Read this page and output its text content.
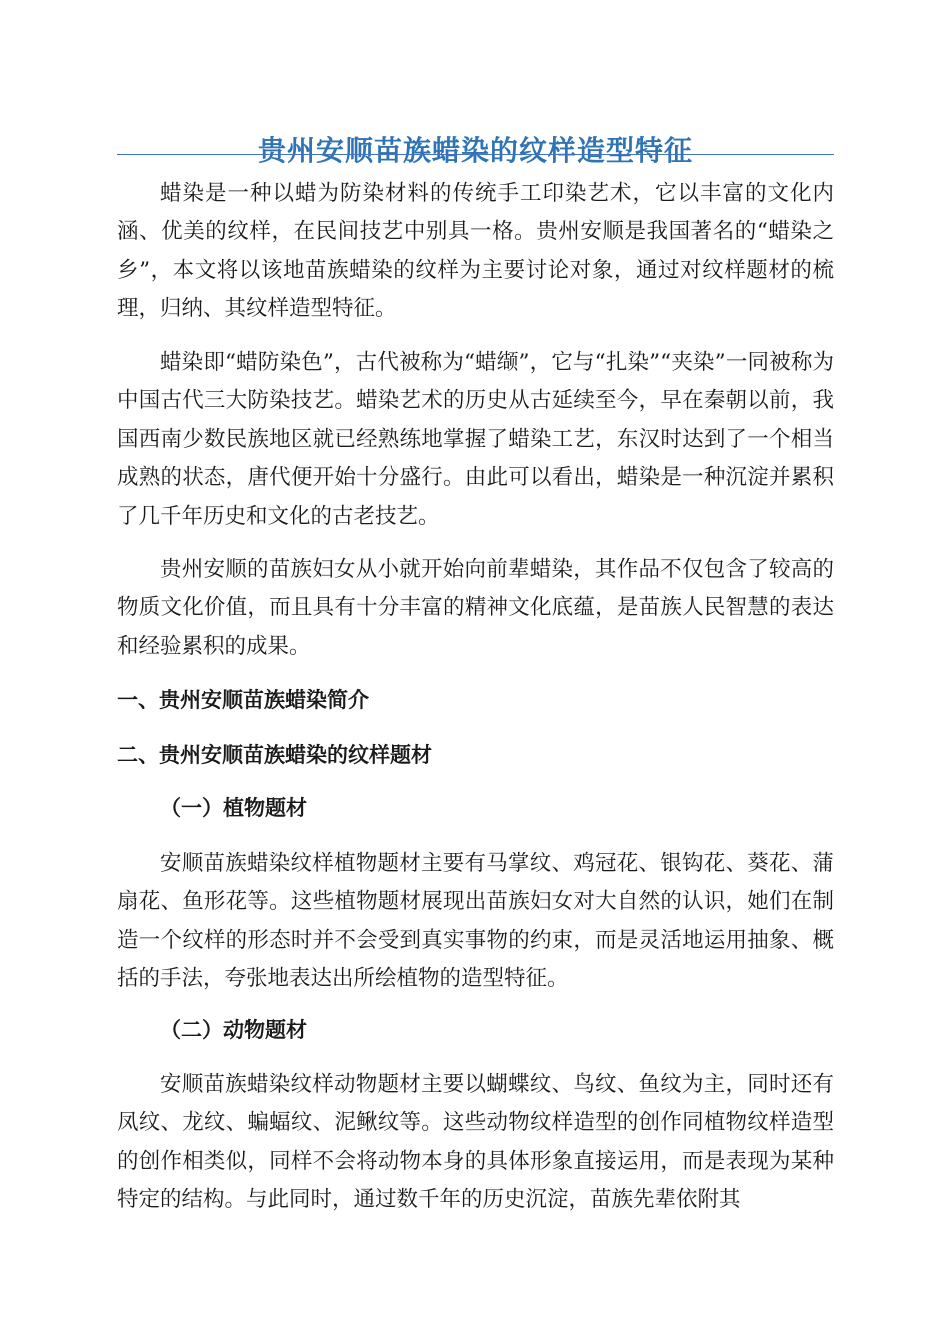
贵州安顺苗族蜡染的纹样造型特征

蜡染是一种以蜡为防染材料的传统手工印染艺术，它以丰富的文化内涵、优美的纹样，在民间技艺中别具一格。贵州安顺是我国著名的“蜡染之乡”，本文将以该地苗族蜡染的纹样为主要讨论对象，通过对纹样题材的梳理，归纳、其纹样造型特征。

蜡染即“蜡防染色”，古代被称为“蜡缬”，它与“扎染”“夹染”一同被称为中国古代三大防染技艺。蜡染艺术的历史从古延续至今，早在秦朝以前，我国西南少数民族地区就已经熟练地掌握了蜡染工艺，东汉时达到了一个相当成熟的状态，唐代便开始十分盛行。由此可以看出，蜡染是一种沉淀并累积了几千年历史和文化的古老技艺。

贵州安顺的苗族妇女从小就开始向前辈蜡染，其作品不仅包含了较高的物质文化价值，而且具有十分丰富的精神文化底蕴，是苗族人民智慧的表达和经验累积的成果。

一、贵州安顺苗族蜡染简介
二、贵州安顺苗族蜡染的纹样题材
（一）植物题材

安顺苗族蜡染纹样植物题材主要有马掌纹、鸡冠花、银钩花、葵花、蒲扇花、鱼形花等。这些植物题材展现出苗族妇女对大自然的认识，她们在制造一个纹样的形态时并不会受到真实事物的约束，而是灵活地运用抽象、概括的手法，夸张地表达出所绘植物的造型特征。

（二）动物题材

安顺苗族蜡染纹样动物题材主要以蝴蝶纹、鸟纹、鱼纹为主，同时还有凤纹、龙纹、蝙蝠纹、泥鳅纹等。这些动物纹样造型的创作同植物纹样造型的创作相类似，同样不会将动物本身的具体形象直接运用，而是表现为某种特定的结构。与此同时，通过数千年的历史沉淀，苗族先辈依附其
